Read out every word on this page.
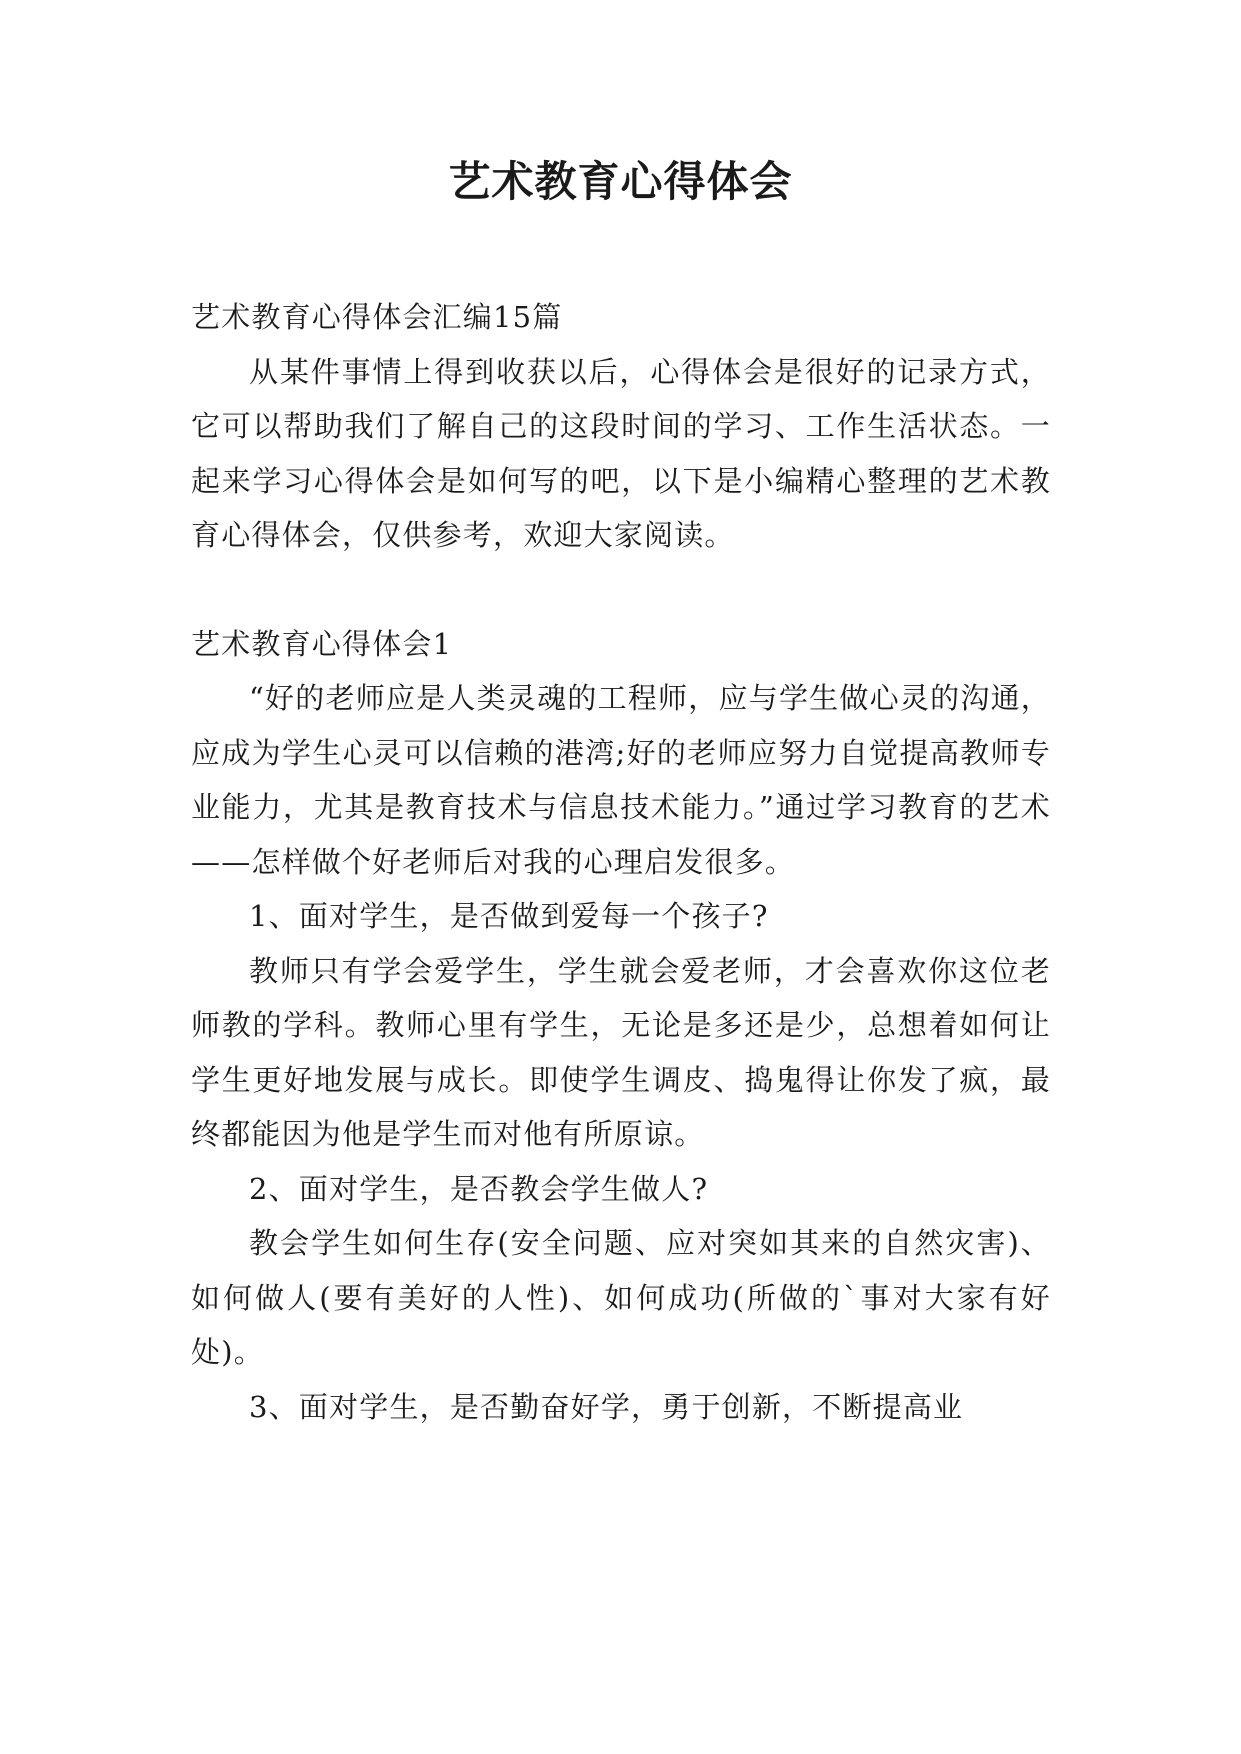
艺术教育心得体会

艺术教育心得体会汇编15篇

从某件事情上得到收获以后，心得体会是很好的记录方式，它可以帮助我们了解自己的这段时间的学习、工作生活状态。一起来学习心得体会是如何写的吧，以下是小编精心整理的艺术教育心得体会，仅供参考，欢迎大家阅读。

艺术教育心得体会1

“好的老师应是人类灵魂的工程师，应与学生做心灵的沟通，应成为学生心灵可以信赖的港湾;好的老师应努力自觉提高教师专业能力，尤其是教育技术与信息技术能力。”通过学习教育的艺术——怎样做个好老师后对我的心理启发很多。

1、面对学生，是否做到爱每一个孩子?

教师只有学会爱学生，学生就会爱老师，才会喜欢你这位老师教的学科。教师心里有学生，无论是多还是少，总想着如何让学生更好地发展与成长。即使学生调皮、捣鬼得让你发了疯，最终都能因为他是学生而对他有所原谅。

2、面对学生，是否教会学生做人?

教会学生如何生存(安全问题、应对突如其来的自然灾害)、如何做人(要有美好的人性)、如何成功(所做的`事对大家有好处)。

3、面对学生，是否勤奋好学，勇于创新，不断提高业
